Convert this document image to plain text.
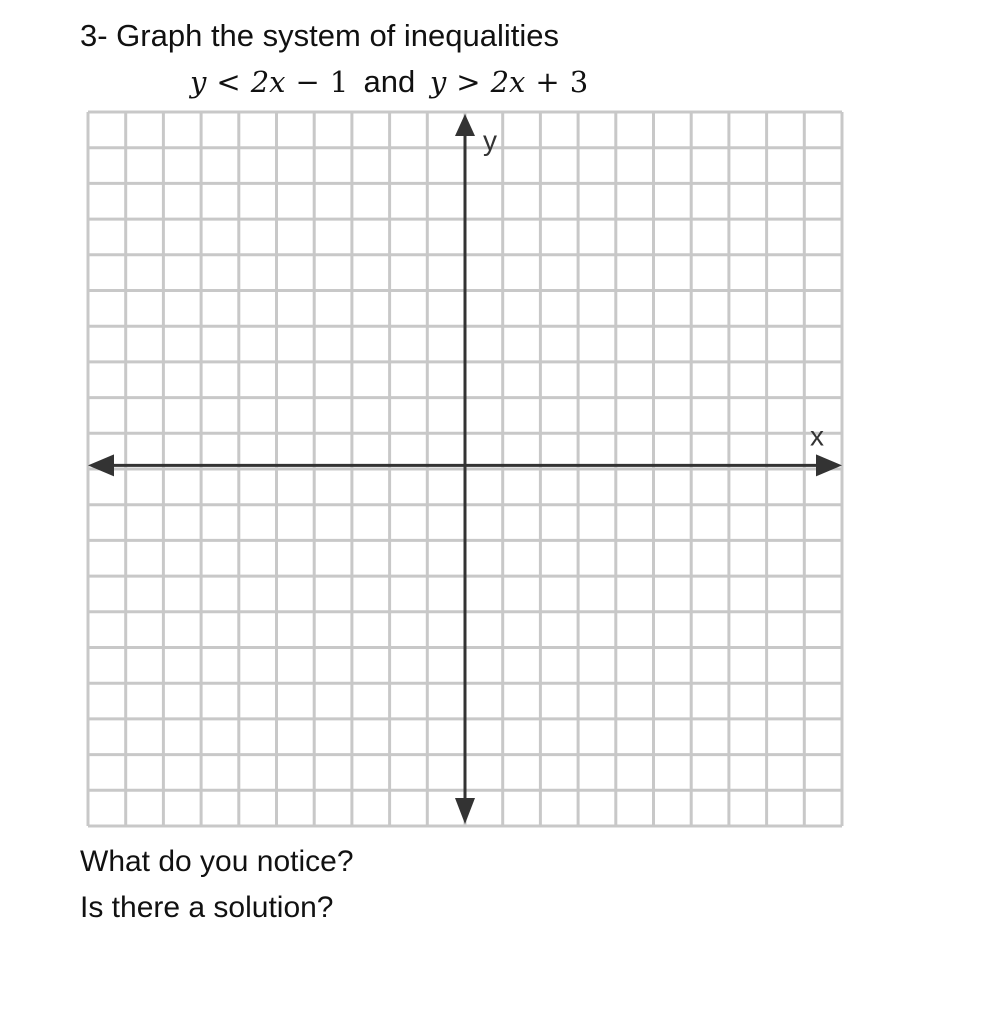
3- Graph the system of inequalities
y < 2x − 1 and y > 2x + 3
x
y
What do you notice?
Is there a solution?
